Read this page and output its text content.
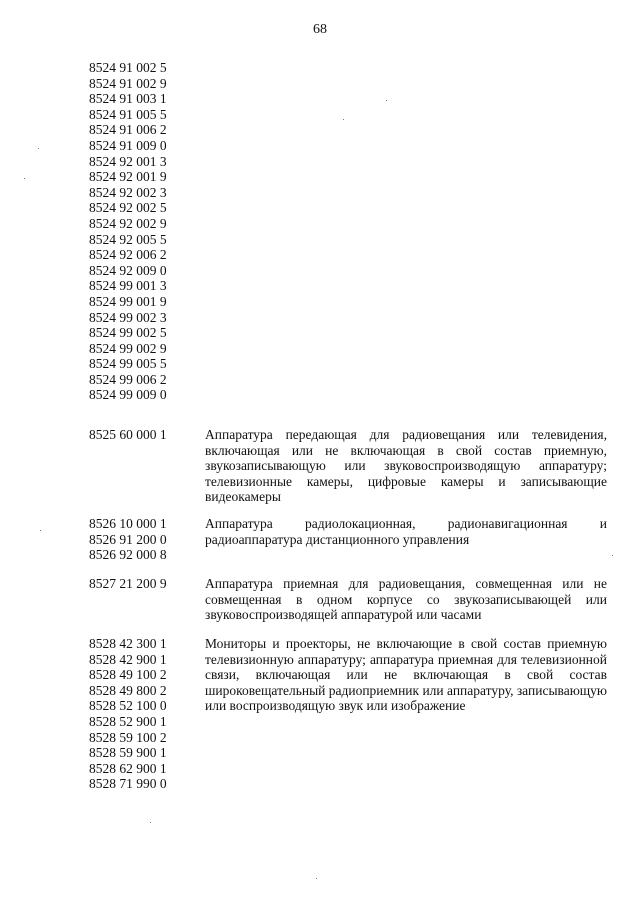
68
8524 91 002 5
8524 91 002 9
8524 91 003 1
8524 91 005 5
8524 91 006 2
8524 91 009 0
8524 92 001 3
8524 92 001 9
8524 92 002 3
8524 92 002 5
8524 92 002 9
8524 92 005 5
8524 92 006 2
8524 92 009 0
8524 99 001 3
8524 99 001 9
8524 99 002 3
8524 99 002 5
8524 99 002 9
8524 99 005 5
8524 99 006 2
8524 99 009 0
8525 60 000 1	Аппаратура передающая для радиовещания или телевидения, включающая или не включающая в свой состав приемную, звукозаписывающую или звуковоспроизводящую аппаратуру; телевизионные камеры, цифровые камеры и записывающие видеокамеры
8526 10 000 1
8526 91 200 0
8526 92 000 8
Аппаратура радиолокационная, радионавигационная и радиоаппаратура дистанционного управления
8527 21 200 9	Аппаратура приемная для радиовещания, совмещенная или не совмещенная в одном корпусе со звукозаписывающей или звуковоспроизводящей аппаратурой или часами
8528 42 300 1
8528 42 900 1
8528 49 100 2
8528 49 800 2
8528 52 100 0
8528 52 900 1
8528 59 100 2
8528 59 900 1
8528 62 900 1
8528 71 990 0
Мониторы и проекторы, не включающие в свой состав приемную телевизионную аппаратуру; аппаратура приемная для телевизионной связи, включающая или не включающая в свой состав широковещательный радиоприемник или аппаратуру, записывающую или воспроизводящую звук или изображение
